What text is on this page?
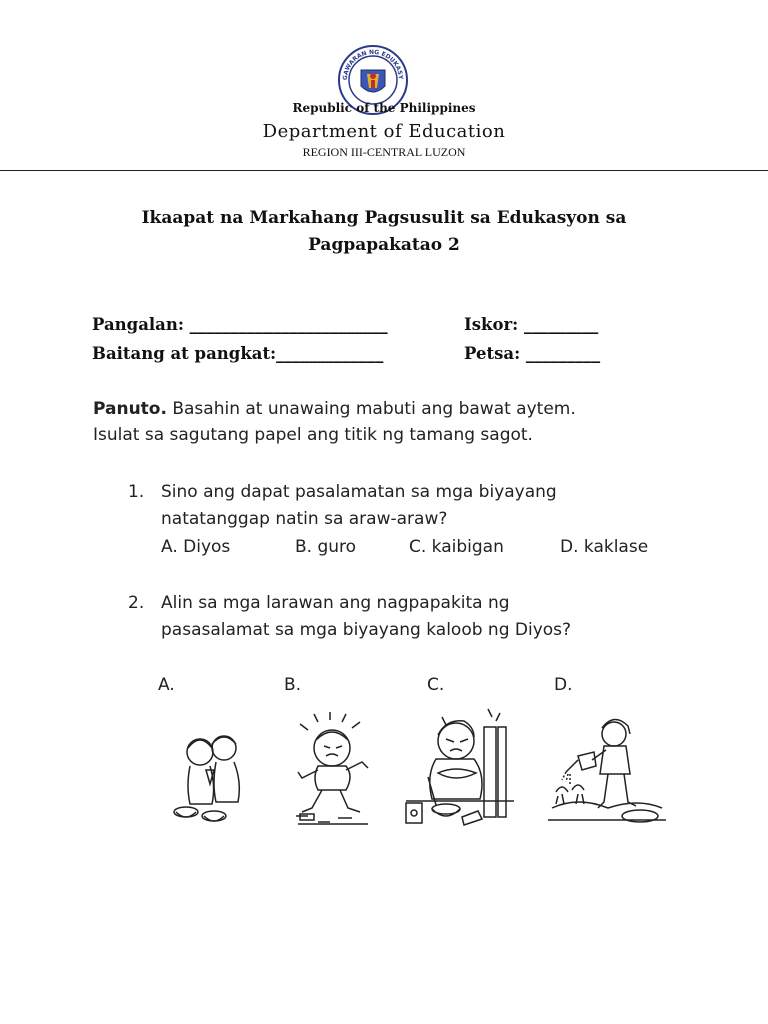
GAWARAN NG EDUKASY
Republic of the Philippines
Department of Education
REGION III-CENTRAL LUZON
Ikaapat na Markahang Pagsusulit sa Edukasyon sa
Pagpapakatao 2
Pangalan: ________________________	Iskor: _________
Baitang at pangkat:_____________	Petsa: _________
Panuto. Basahin at unawaing mabuti ang bawat aytem.
Isulat sa sagutang papel ang titik ng tamang sagot.
1. Sino ang dapat pasalamatan sa mga biyayang
natatanggap natin sa araw-araw?
A. Diyos	B. guro	C. kaibigan	D. kaklase
2. Alin sa mga larawan ang nagpapakita ng
pasasalamat sa mga biyayang kaloob ng Diyos?
A.	B.	C.	D.
